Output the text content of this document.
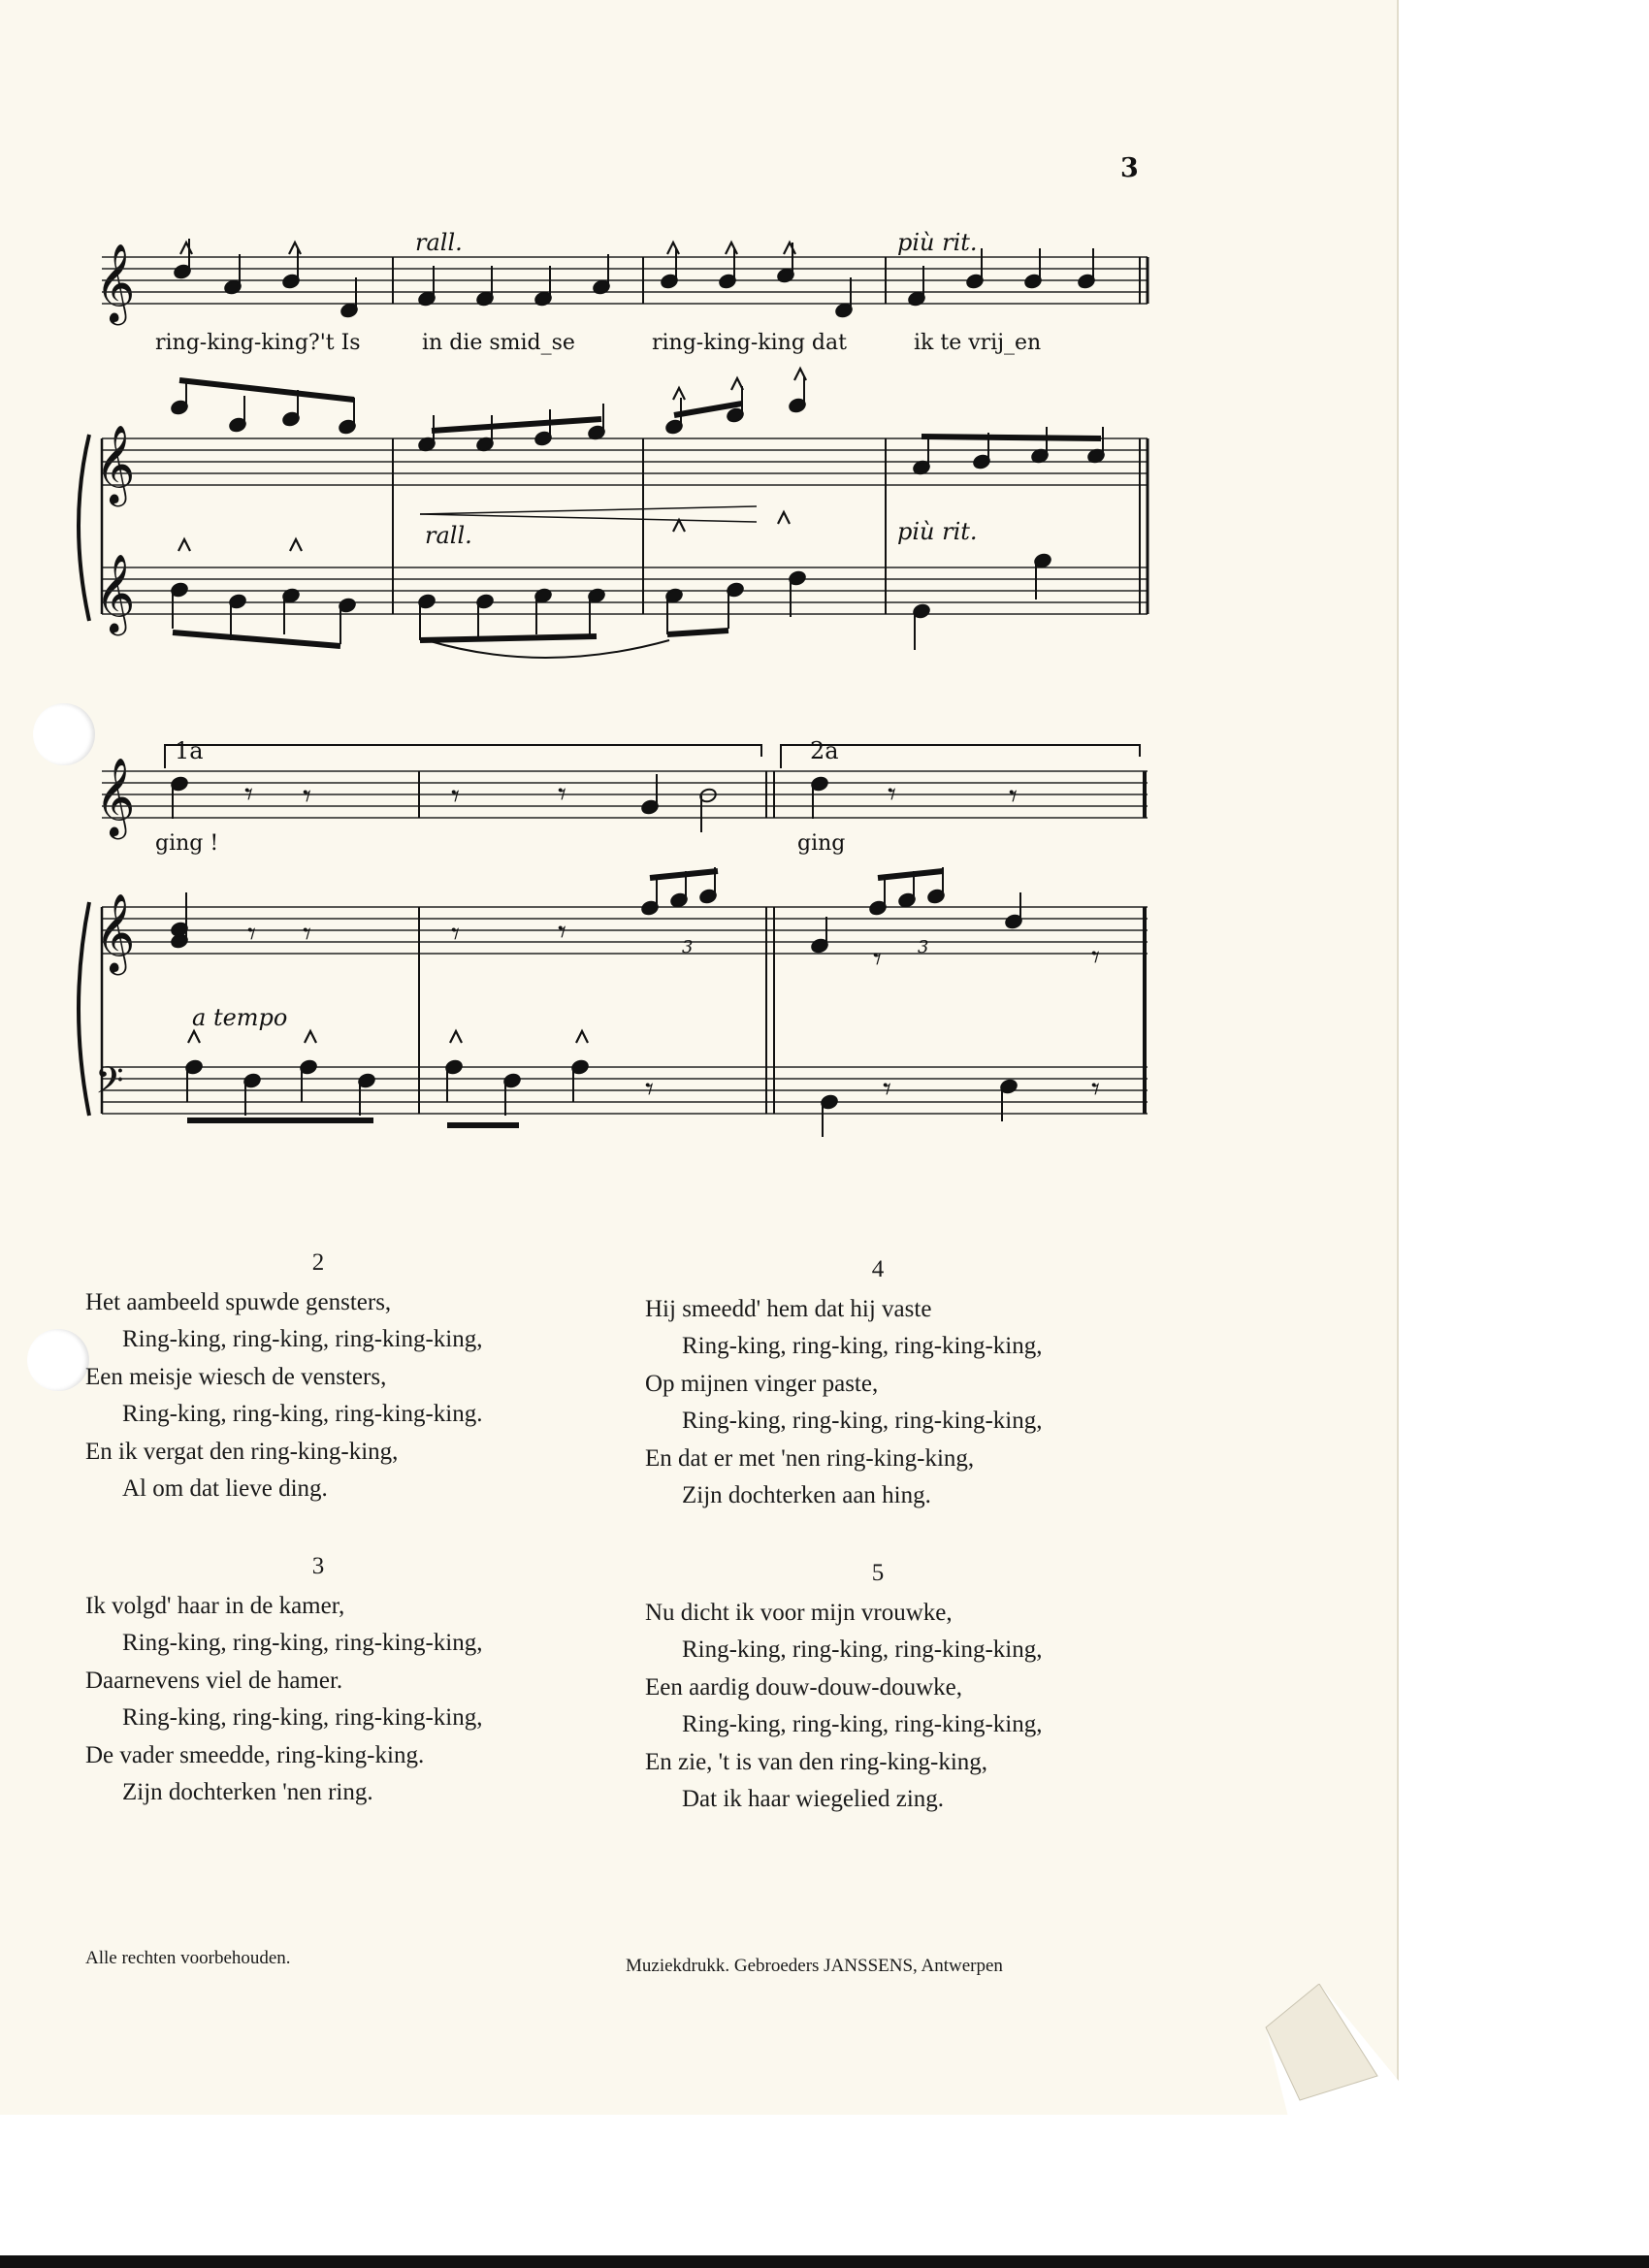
3
𝄞
𝄞
𝄞
𝄞
𝄞
𝄢
𝄾 𝄾	𝄾	𝄾	𝄾	𝄾
𝄾 𝄾	𝄾	𝄾
𝄾	𝄾
𝄾	𝄾	𝄾
rall.	più rit.
ring-king-king?'t Is	in die smid_se	ring-king-king dat	ik te vrij_en
rall.	più rit.
1a	2a
ging !	ging
a tempo
3	3
2
Het aambeeld spuwde gensters,
Ring-king, ring-king, ring-king-king,
Een meisje wiesch de vensters,
Ring-king, ring-king, ring-king-king.
En ik vergat den ring-king-king,
Al om dat lieve ding.
4
Hij smeedd' hem dat hij vaste
Ring-king, ring-king, ring-king-king,
Op mijnen vinger paste,
Ring-king, ring-king, ring-king-king,
En dat er met 'nen ring-king-king,
Zijn dochterken aan hing.
3
Ik volgd' haar in de kamer,
Ring-king, ring-king, ring-king-king,
Daarnevens viel de hamer.
Ring-king, ring-king, ring-king-king,
De vader smeedde, ring-king-king.
Zijn dochterken 'nen ring.
5
Nu dicht ik voor mijn vrouwke,
Ring-king, ring-king, ring-king-king,
Een aardig douw-douw-douwke,
Ring-king, ring-king, ring-king-king,
En zie, 't is van den ring-king-king,
Dat ik haar wiegelied zing.
Alle rechten voorbehouden.	Muziekdrukk. Gebroeders JANSSENS, Antwerpen
